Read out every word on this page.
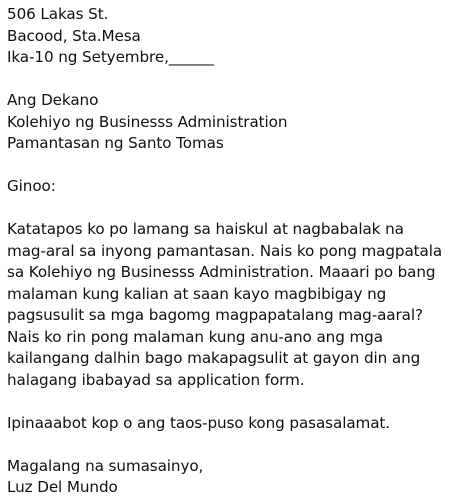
506 Lakas St.
Bacood, Sta.Mesa
Ika-10 ng Setyembre,______
Ang Dekano
Kolehiyo ng Businesss Administration
Pamantasan ng Santo Tomas
Ginoo:
Katatapos ko po lamang sa haiskul at nagbabalak na
mag-aral sa inyong pamantasan. Nais ko pong magpatala
sa Kolehiyo ng Businesss Administration. Maaari po bang
malaman kung kalian at saan kayo magbibigay ng
pagsusulit sa mga bagomg magpapatalang mag-aaral?
Nais ko rin pong malaman kung anu-ano ang mga
kailangang dalhin bago makapagsulit at gayon din ang
halagang ibabayad sa application form.
Ipinaaabot kop o ang taos-puso kong pasasalamat.
Magalang na sumasainyo,
Luz Del Mundo
